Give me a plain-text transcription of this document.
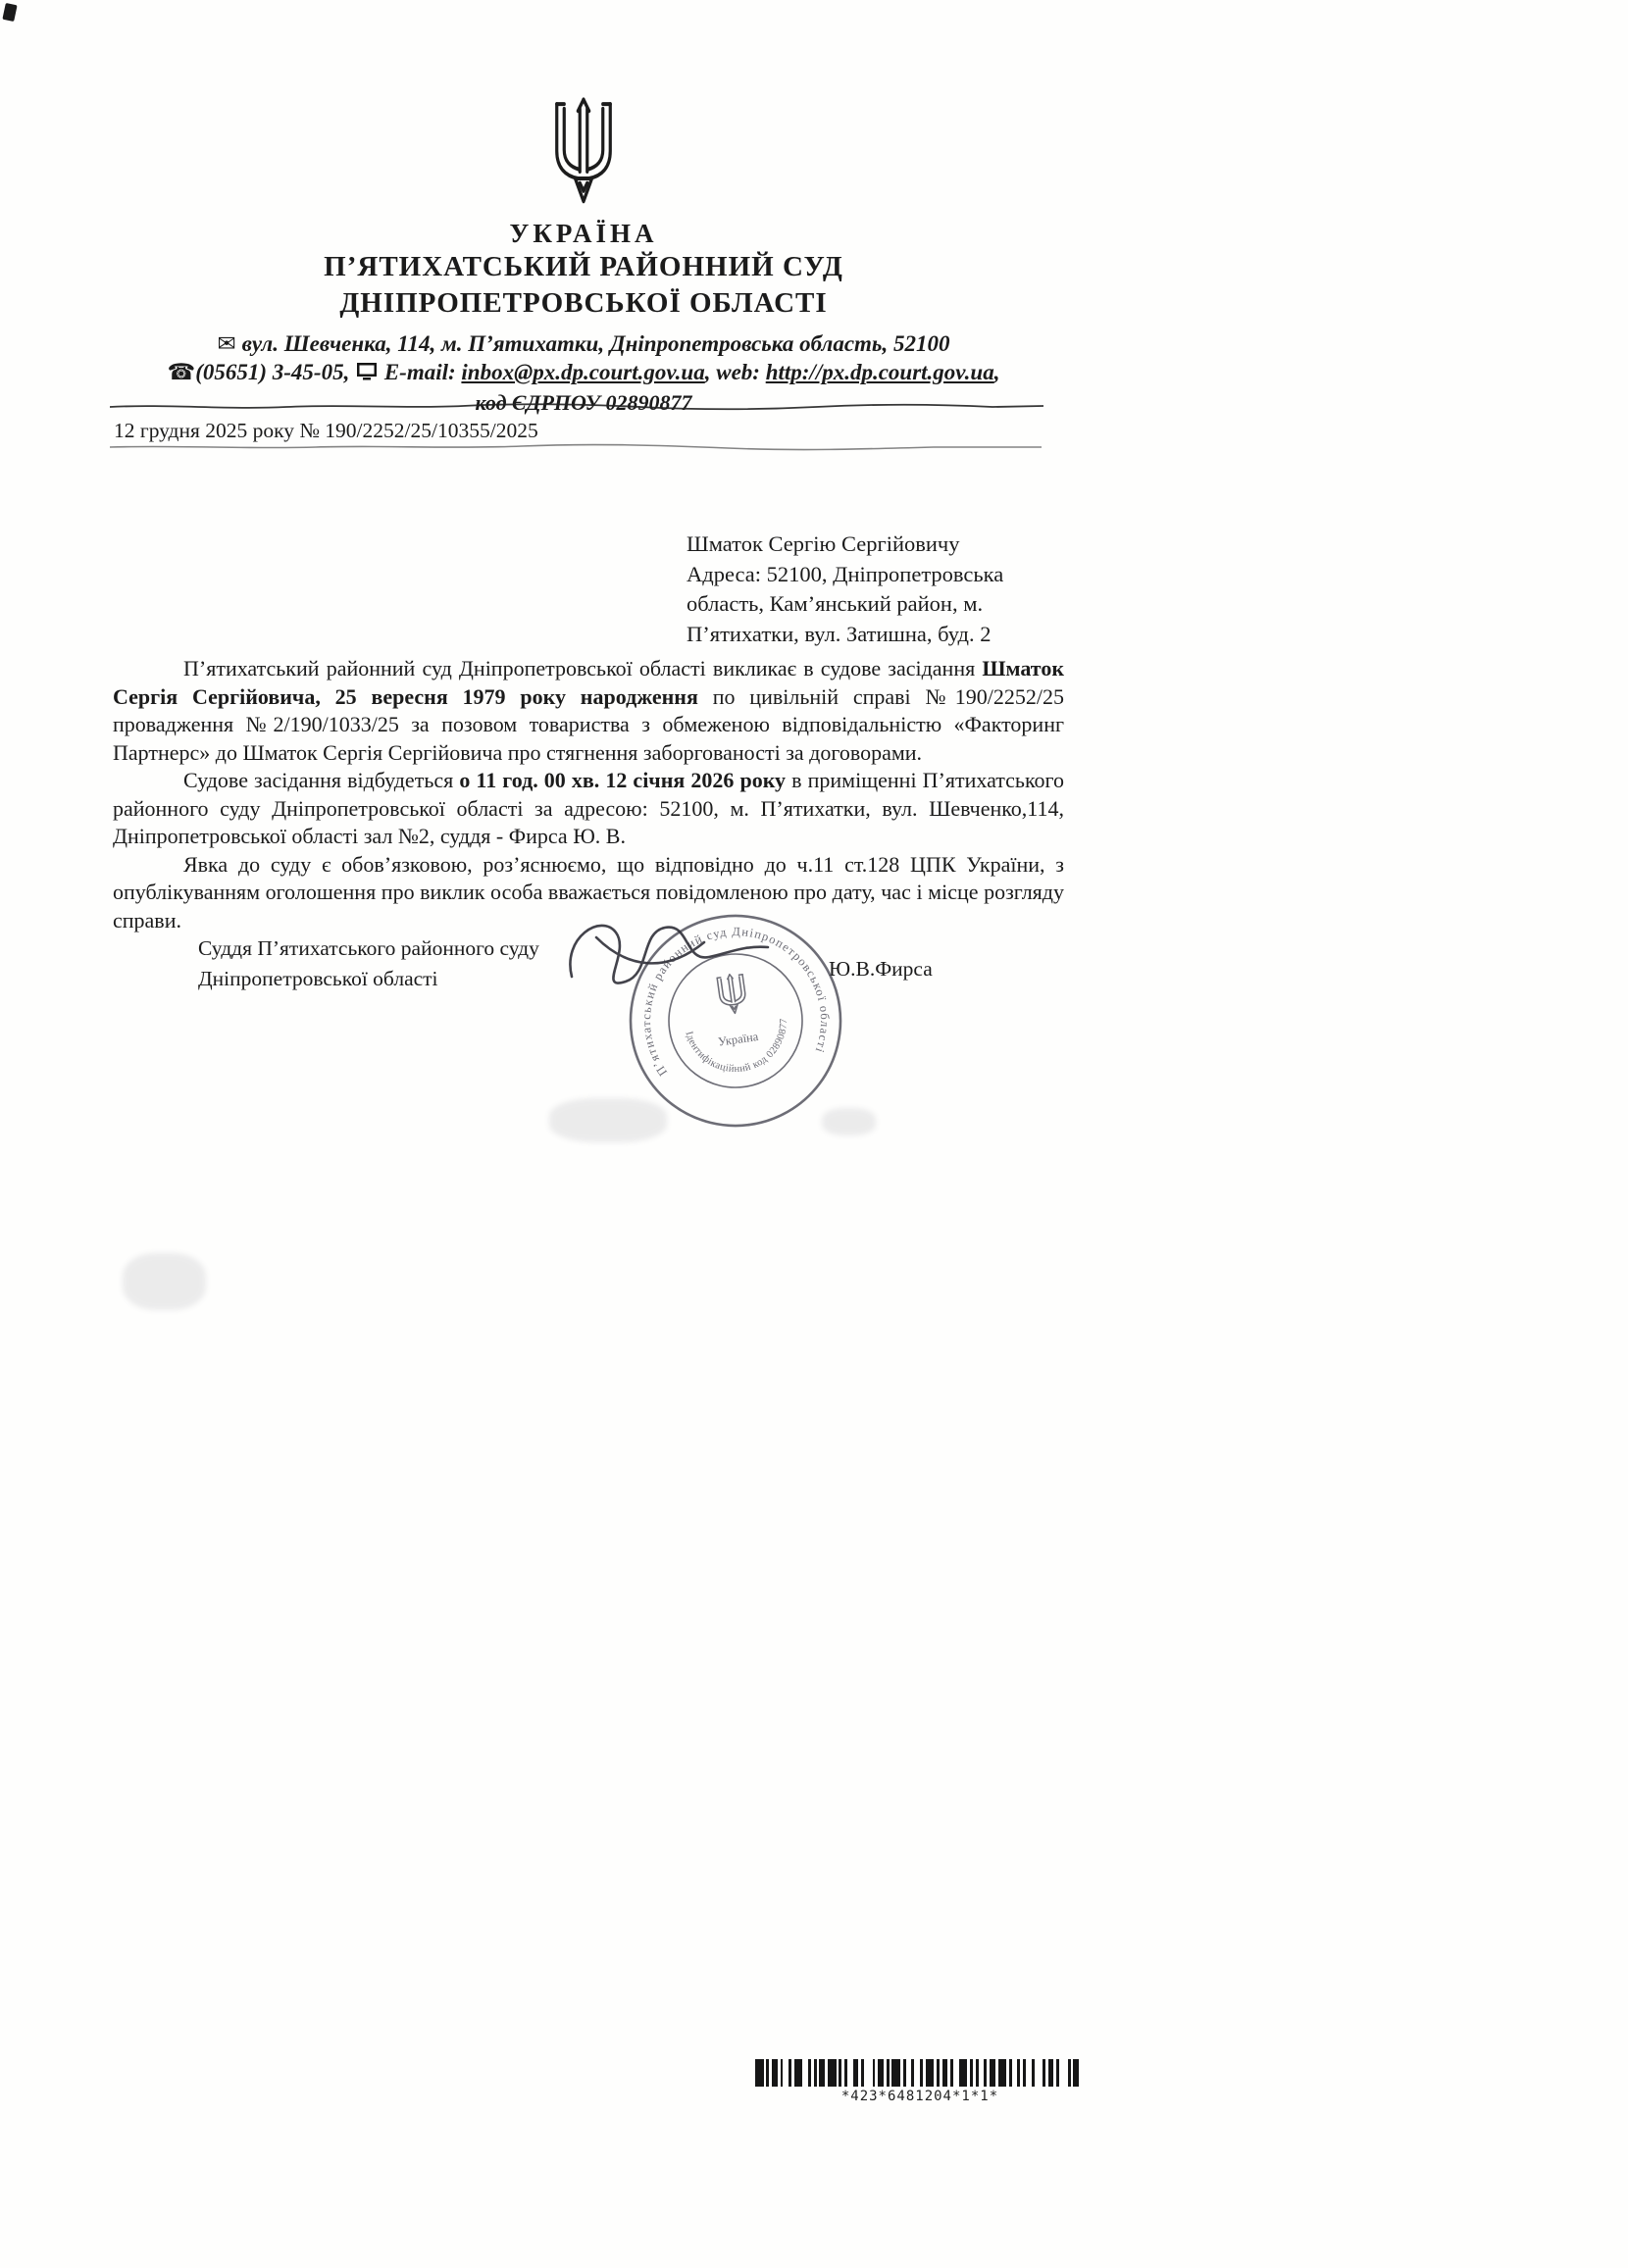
УКРАЇНА
П’ЯТИХАТСЬКИЙ РАЙОННИЙ СУД
ДНІПРОПЕТРОВСЬКОЇ ОБЛАСТІ
✉ вул. Шевченка, 114, м. П’ятихатки, Дніпропетровська область, 52100
☎(05651) 3-45-05, E-mail: inbox@px.dp.court.gov.ua, web: http://px.dp.court.gov.ua,
код ЄДРПОУ 02890877
12 грудня 2025 року № 190/2252/25/10355/2025
Шматок Сергію Сергійовичу
Адреса: 52100, Дніпропетровська
область, Кам’янський район, м.
П’ятихатки, вул. Затишна, буд. 2

П’ятихатський районний суд Дніпропетровської області викликає в судове засідання Шматок Сергія Сергійовича, 25 вересня 1979 року народження по цивільній справі №190/2252/25 провадження №2/190/1033/25 за позовом товариства з обмеженою відповідальністю «Факторинг Партнерс» до Шматок Сергія Сергійовича про стягнення заборгованості за договорами.

Судове засідання відбудеться о 11 год. 00 хв. 12 січня 2026 року в приміщенні П’ятихатського районного суду Дніпропетровської області за адресою: 52100, м. П’ятихатки, вул. Шевченко,114, Дніпропетровської області зал №2, суддя - Фирса Ю. В.

Явка до суду є обов’язковою, роз’яснюємо, що відповідно до ч.11 ст.128 ЦПК України, з опублікуванням оголошення про виклик особа вважається повідомленою про дату, час і місце розгляду справи.

Суддя П’ятихатського районного суду
Дніпропетровської області	Ю.В.Фирса
П’ятихатський районний суд Дніпропетровської області
Ідентифікаційний код 02890877
Україна
*423*6481204*1*1*
